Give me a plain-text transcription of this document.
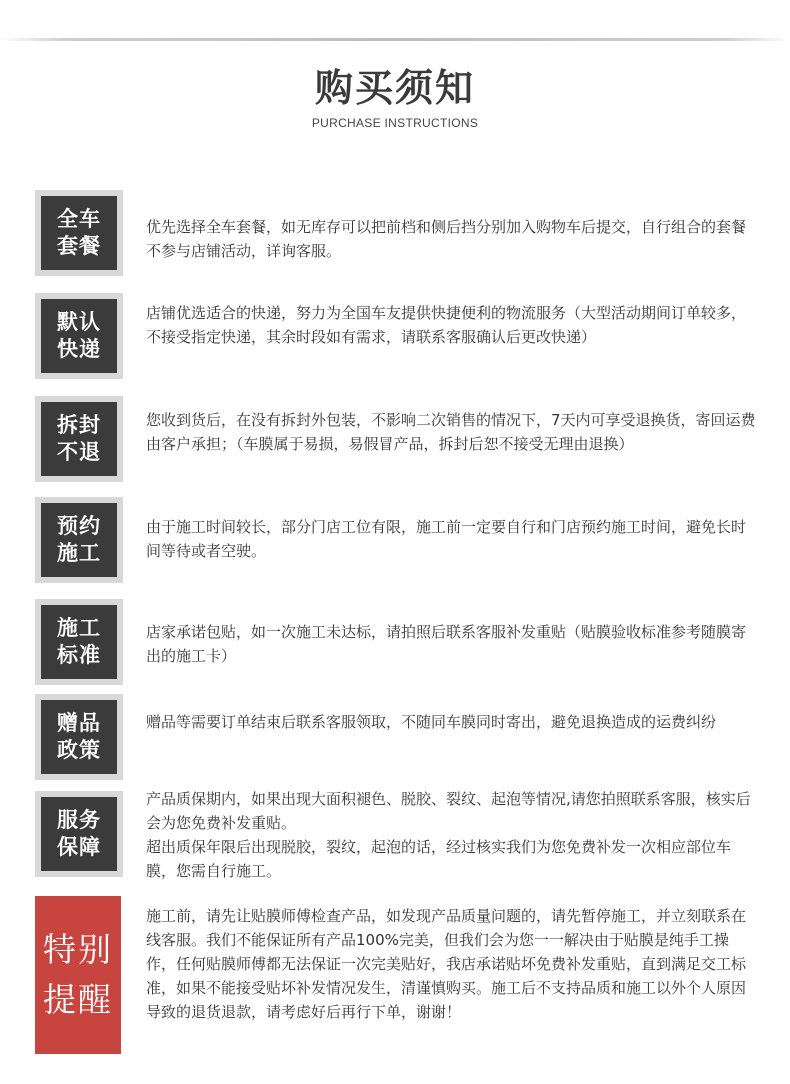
购买须知
PURCHASE INSTRUCTIONS
全车
套餐

优先选择全车套餐，如无库存可以把前档和侧后挡分别加入购物车后提交，自行组合的套餐不参与店铺活动，详询客服。

默认
快递

店铺优选适合的快递，努力为全国车友提供快捷便利的物流服务（大型活动期间订单较多，不接受指定快递，其余时段如有需求，请联系客服确认后更改快递）

拆封
不退

您收到货后，在没有拆封外包装，不影响二次销售的情况下，7天内可享受退换货，寄回运费由客户承担；（车膜属于易损，易假冒产品，拆封后恕不接受无理由退换）

预约
施工

由于施工时间较长，部分门店工位有限，施工前一定要自行和门店预约施工时间，避免长时间等待或者空驶。

施工
标准

店家承诺包贴，如一次施工未达标，请拍照后联系客服补发重贴（贴膜验收标准参考随膜寄出的施工卡）

赠品
政策

赠品等需要订单结束后联系客服领取，不随同车膜同时寄出，避免退换造成的运费纠纷

服务
保障

产品质保期内，如果出现大面积褪色、脱胶、裂纹、起泡等情况,请您拍照联系客服，核实后会为您免费补发重贴。

超出质保年限后出现脱胶，裂纹，起泡的话，经过核实我们为您免费补发一次相应部位车膜，您需自行施工。

特别
提醒

施工前，请先让贴膜师傅检查产品，如发现产品质量问题的，请先暂停施工，并立刻联系在线客服。我们不能保证所有产品100%完美，但我们会为您一一解决由于贴膜是纯手工操作，任何贴膜师傅都无法保证一次完美贴好，我店承诺贴坏免费补发重贴，直到满足交工标准，如果不能接受贴坏补发情况发生，清谨慎购买。施工后不支持品质和施工以外个人原因导致的退货退款，请考虑好后再行下单，谢谢！
